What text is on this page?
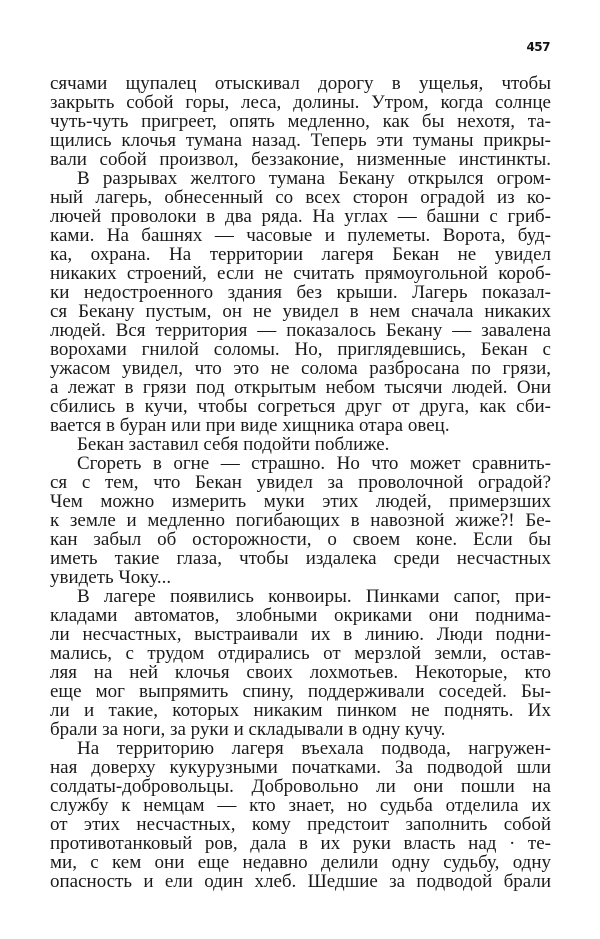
457
сячами щупалец отыскивал дорогу в ущелья, чтобы
закрыть собой горы, леса, долины. Утром, когда солнце
чуть-чуть пригреет, опять медленно, как бы нехотя, та-
щились клочья тумана назад. Теперь эти туманы прикры-
вали собой произвол, беззаконие, низменные инстинкты.
В разрывах желтого тумана Бекану открылся огром-
ный лагерь, обнесенный со всех сторон оградой из ко-
лючей проволоки в два ряда. На углах — башни с гриб-
ками. На башнях — часовые и пулеметы. Ворота, буд-
ка, охрана. На территории лагеря Бекан не увидел
никаких строений, если не считать прямоугольной короб-
ки недостроенного здания без крыши. Лагерь показал-
ся Бекану пустым, он не увидел в нем сначала никаких
людей. Вся территория — показалось Бекану — завалена
ворохами гнилой соломы. Но, приглядевшись, Бекан с
ужасом увидел, что это не солома разбросана по грязи,
а лежат в грязи под открытым небом тысячи людей. Они
сбились в кучи, чтобы согреться друг от друга, как сби-
вается в буран или при виде хищника отара овец.
Бекан заставил себя подойти поближе.
Сгореть в огне — страшно. Но что может сравнить-
ся с тем, что Бекан увидел за проволочной оградой?
Чем можно измерить муки этих людей, примерзших
к земле и медленно погибающих в навозной жиже?! Бе-
кан забыл об осторожности, о своем коне. Если бы
иметь такие глаза, чтобы издалека среди несчастных
увидеть Чоку...
В лагере появились конвоиры. Пинками сапог, при-
кладами автоматов, злобными окриками они поднима-
ли несчастных, выстраивали их в линию. Люди подни-
мались, с трудом отдирались от мерзлой земли, остав-
ляя на ней клочья своих лохмотьев. Некоторые, кто
еще мог выпрямить спину, поддерживали соседей. Бы-
ли и такие, которых никаким пинком не поднять. Их
брали за ноги, за руки и складывали в одну кучу.
На территорию лагеря въехала подвода, нагружен-
ная доверху кукурузными початками. За подводой шли
солдаты-добровольцы. Добровольно ли они пошли на
службу к немцам — кто знает, но судьба отделила их
от этих несчастных, кому предстоит заполнить собой
противотанковый ров, дала в их руки власть над · те-
ми, с кем они еще недавно делили одну судьбу, одну
опасность и ели один хлеб. Шедшие за подводой брали
